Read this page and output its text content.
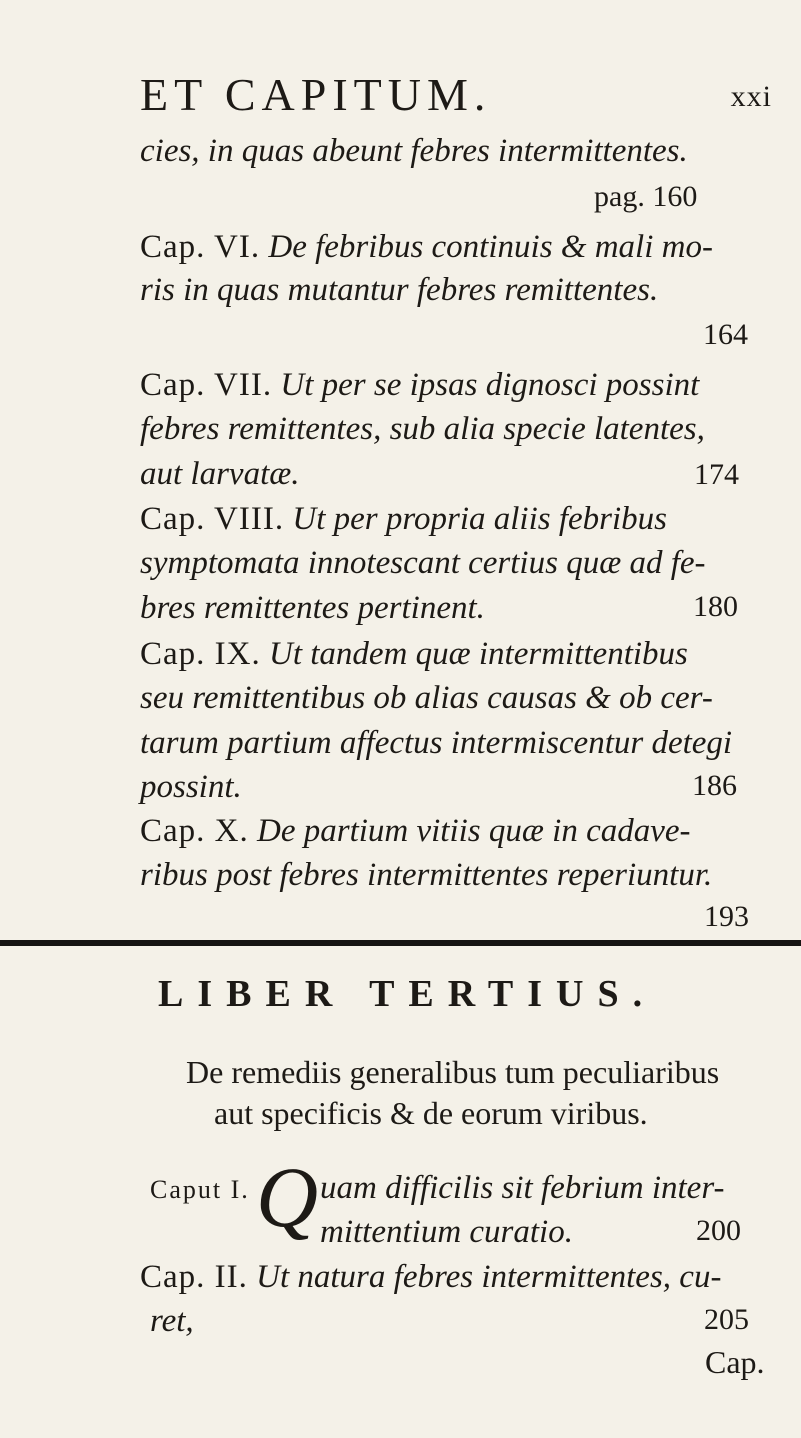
ET CAPITUM.	xxi
cies, in quas abeunt febres intermittentes.
pag. 160
Cap. VI. De febribus continuis & mali mo-
ris in quas mutantur febres remittentes.
164
Cap. VII. Ut per se ipsas dignosci possint
febres remittentes, sub alia specie latentes,
aut larvatæ.	174
Cap. VIII. Ut per propria aliis febribus
symptomata innotescant certius quæ ad fe-
bres remittentes pertinent.	180
Cap. IX. Ut tandem quæ intermittentibus
seu remittentibus ob alias causas & ob cer-
tarum partium affectus intermiscentur detegi
possint.	186
Cap. X. De partium vitiis quæ in cadave-
ribus post febres intermittentes reperiuntur.
193
LIBER TERTIUS.
De remediis generalibus tum peculiaribus
aut specificis & de eorum viribus.
Caput I. Q uam difficilis sit febrium inter-
mittentium curatio.	200
Cap. II. Ut natura febres intermittentes, cu-
ret,	205
Cap.
